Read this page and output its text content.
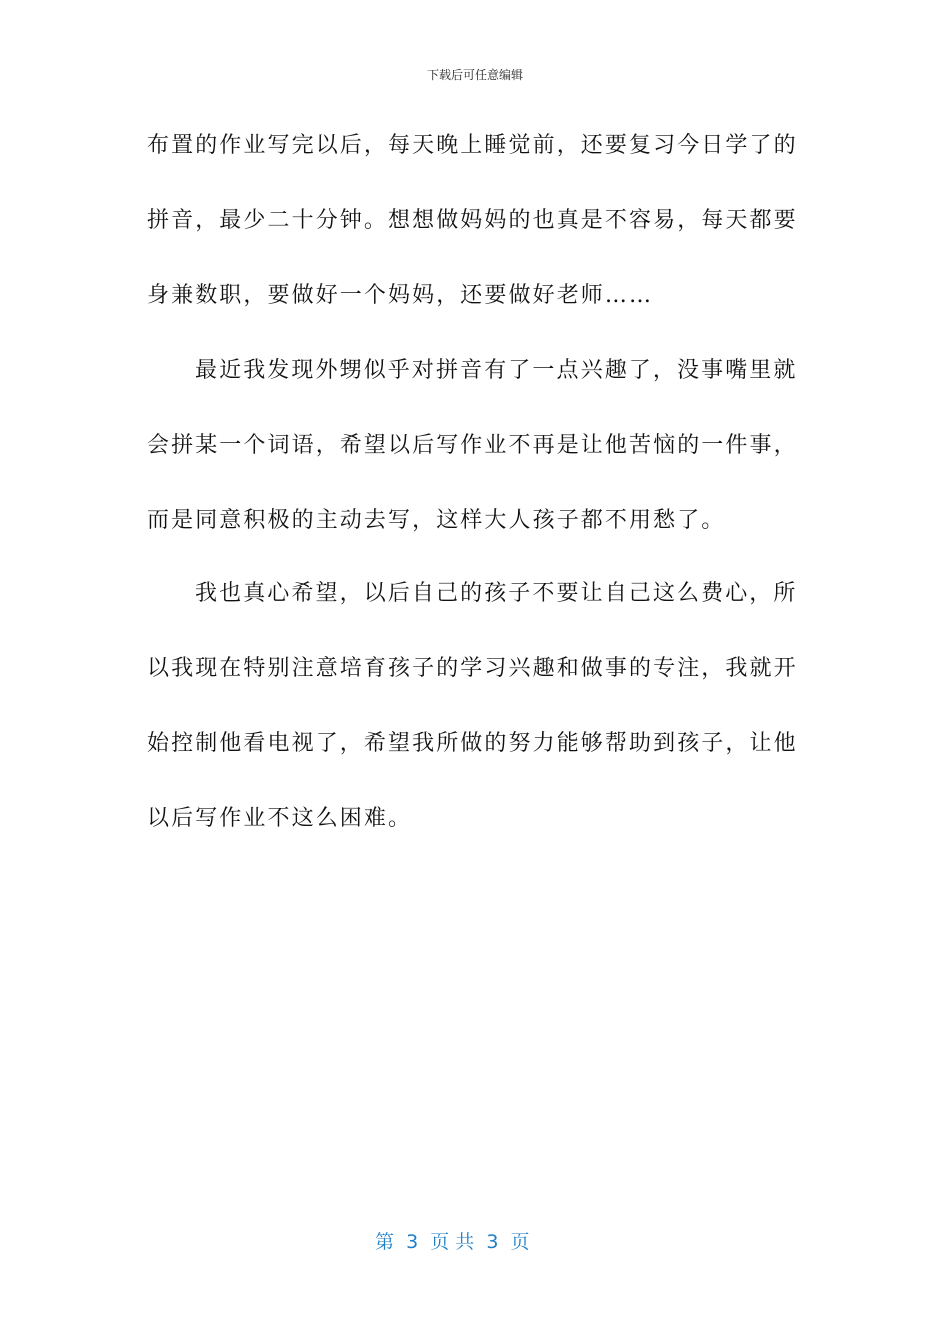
下载后可任意编辑
布置的作业写完以后，每天晚上睡觉前，还要复习今日学了的
拼音，最少二十分钟。想想做妈妈的也真是不容易，每天都要
身兼数职，要做好一个妈妈，还要做好老师……
最近我发现外甥似乎对拼音有了一点兴趣了，没事嘴里就
会拼某一个词语，希望以后写作业不再是让他苦恼的一件事，
而是同意积极的主动去写，这样大人孩子都不用愁了。
我也真心希望，以后自己的孩子不要让自己这么费心，所
以我现在特别注意培育孩子的学习兴趣和做事的专注，我就开
始控制他看电视了，希望我所做的努力能够帮助到孩子，让他
以后写作业不这么困难。
第  3  页 共  3  页
